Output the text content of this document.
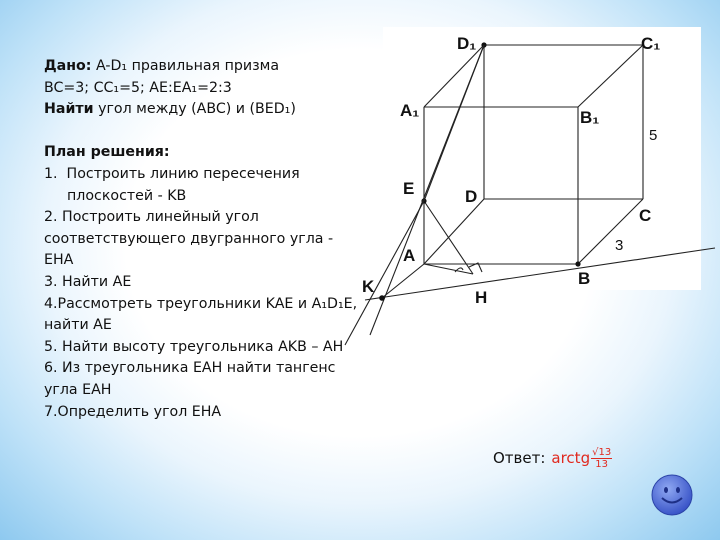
Дано: A-D₁ правильная призма
BC=3; CC₁=5; AE:EA₁=2:3
Найти угол между (ABC) и (BED₁)
План решения:
1. Построить линию пересечения
плоскостей - KB
2. Построить линейный угол соответствующего двугранного угла - EHA
3. Найти AE
4.Рассмотреть треугольники KAE и A₁D₁E, найти AE
5. Найти высоту треугольника AKB – AH
6. Из треугольника EAH найти тангенс угла EAH
7.Определить угол EHA
D₁	C₁
A₁	B₁
5
E	D
C
3
A
B
K
H
Ответ: arctg $\frac{√13}{13}$
